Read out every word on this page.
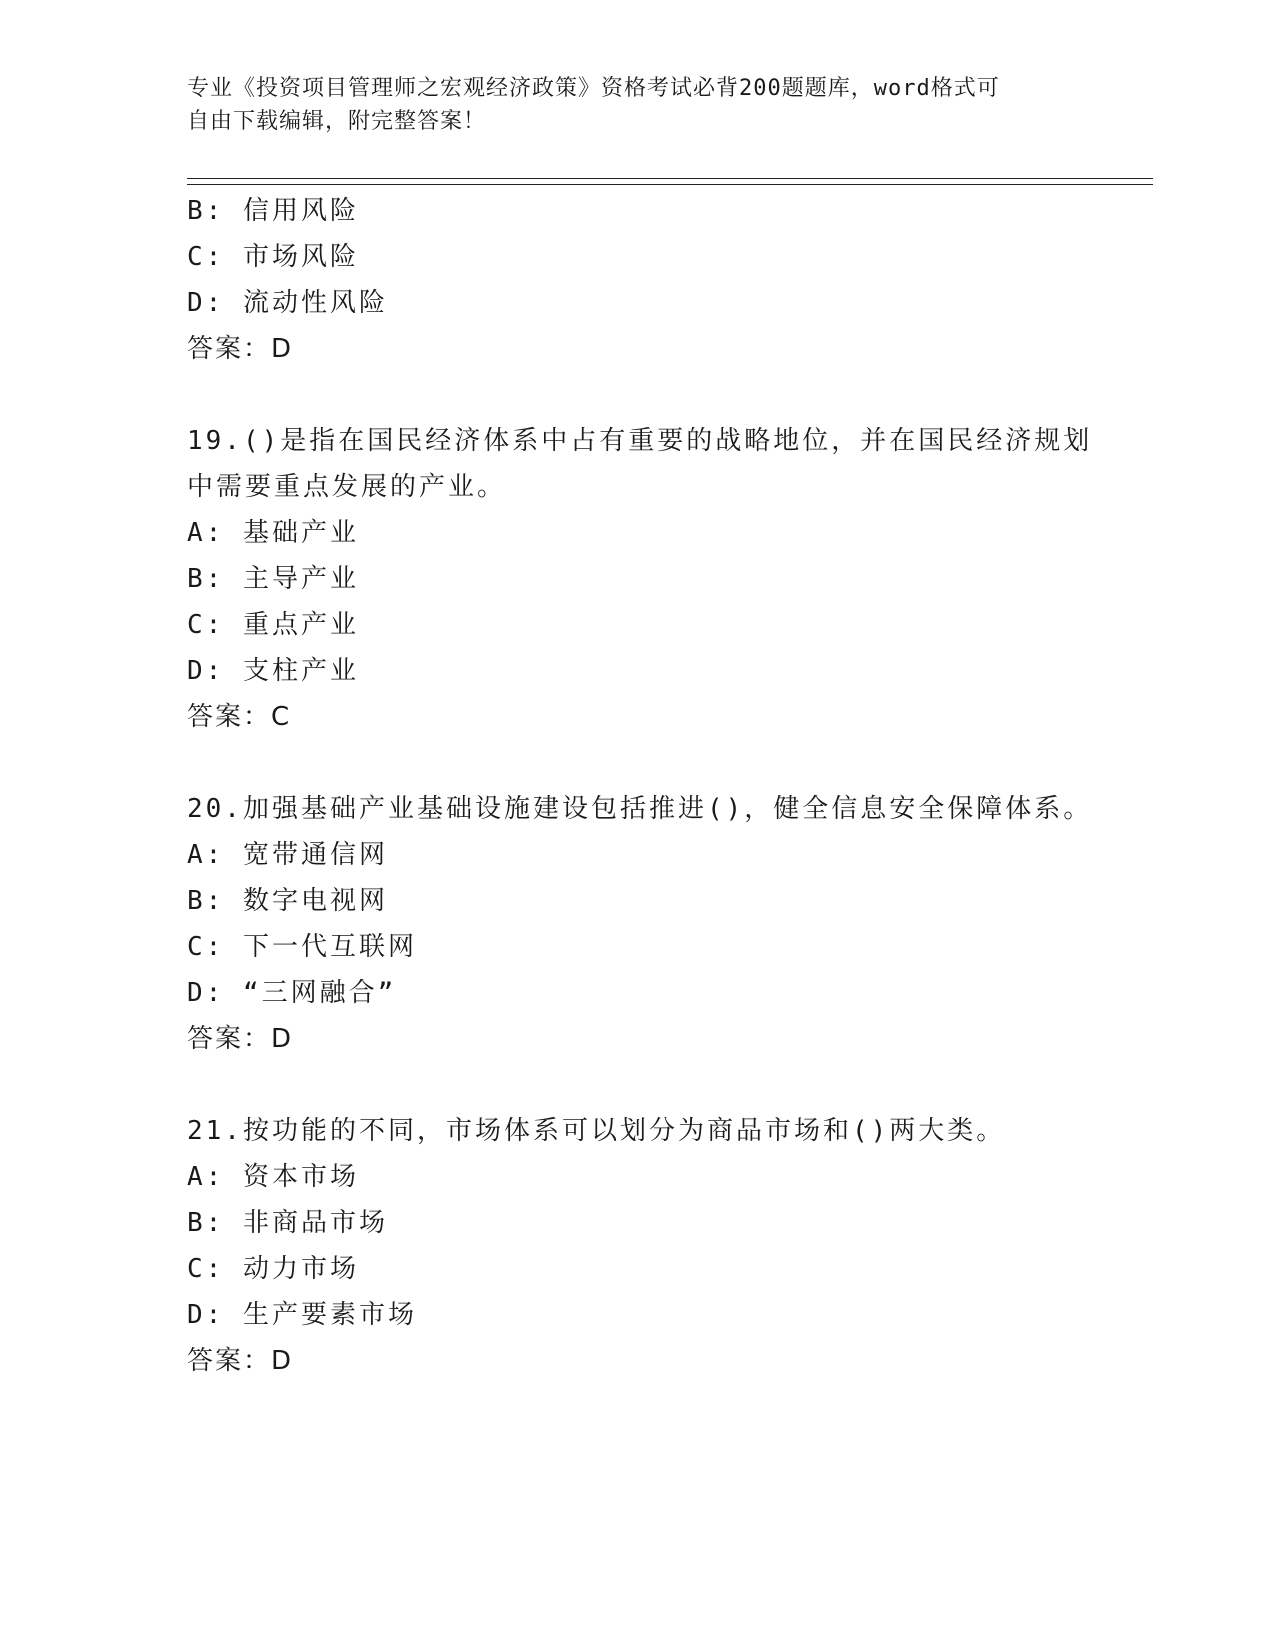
专业《投资项目管理师之宏观经济政策》资格考试必背200题题库，word格式可
自由下载编辑，附完整答案！
B: 信用风险
C: 市场风险
D: 流动性风险
答案：D
19.()是指在国民经济体系中占有重要的战略地位，并在国民经济规划
中需要重点发展的产业。
A: 基础产业
B: 主导产业
C: 重点产业
D: 支柱产业
答案：C
20.加强基础产业基础设施建设包括推进()，健全信息安全保障体系。
A: 宽带通信网
B: 数字电视网
C: 下一代互联网
D: “三网融合”
答案：D
21.按功能的不同，市场体系可以划分为商品市场和()两大类。
A: 资本市场
B: 非商品市场
C: 动力市场
D: 生产要素市场
答案：D
